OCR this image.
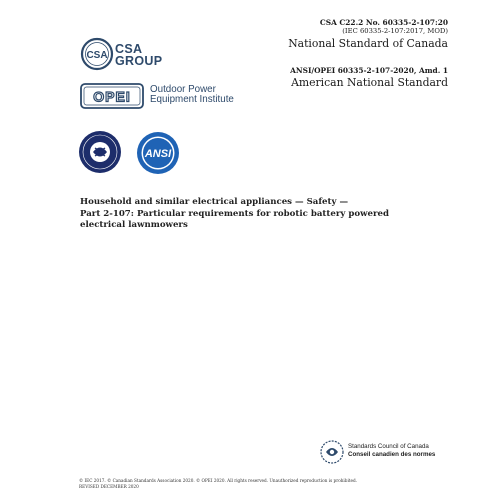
CSA C22.2 No. 60335-2-107:20
(IEC 60335-2-107:2017, MOD)
National Standard of Canada
ANSI/OPEI 60335-2-107-2020, Amd. 1
American National Standard
CSA CSA
GROUP
OPEI Outdoor Power
Equipment Institute
ANSI
Household and similar electrical appliances — Safety —
Part 2-107: Particular requirements for robotic battery powered
electrical lawnmowers
Standards Council of Canada
Conseil canadien des normes
© IEC 2017. © Canadian Standards Association 2020. © OPEI 2020. All rights reserved. Unauthorized reproduction is prohibited.
REVISED DECEMBER 2020
